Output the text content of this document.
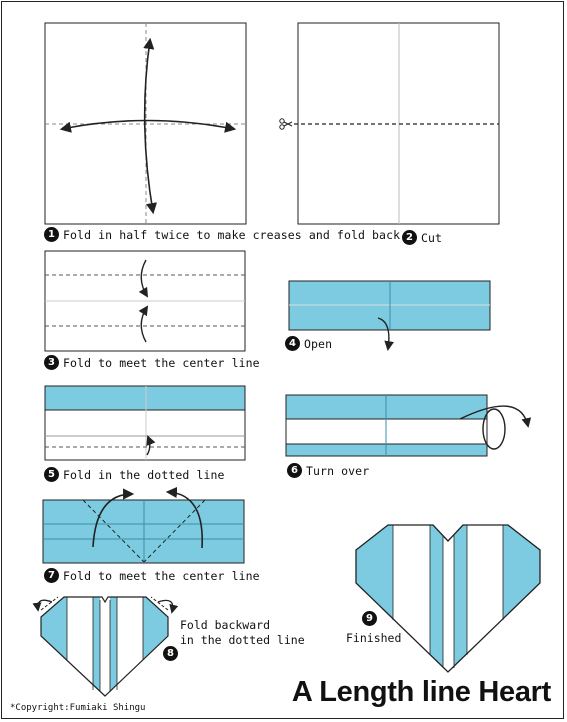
1 Fold in half twice to make creases and fold back 2 Cut
3 Fold to meet the center line
4 Open
5 Fold in the dotted line	6 Turn over
7 Fold to meet the center line
Fold backward
in the dotted line
8
9
Finished
A Length line Heart
*Copyright:Fumiaki Shingu
